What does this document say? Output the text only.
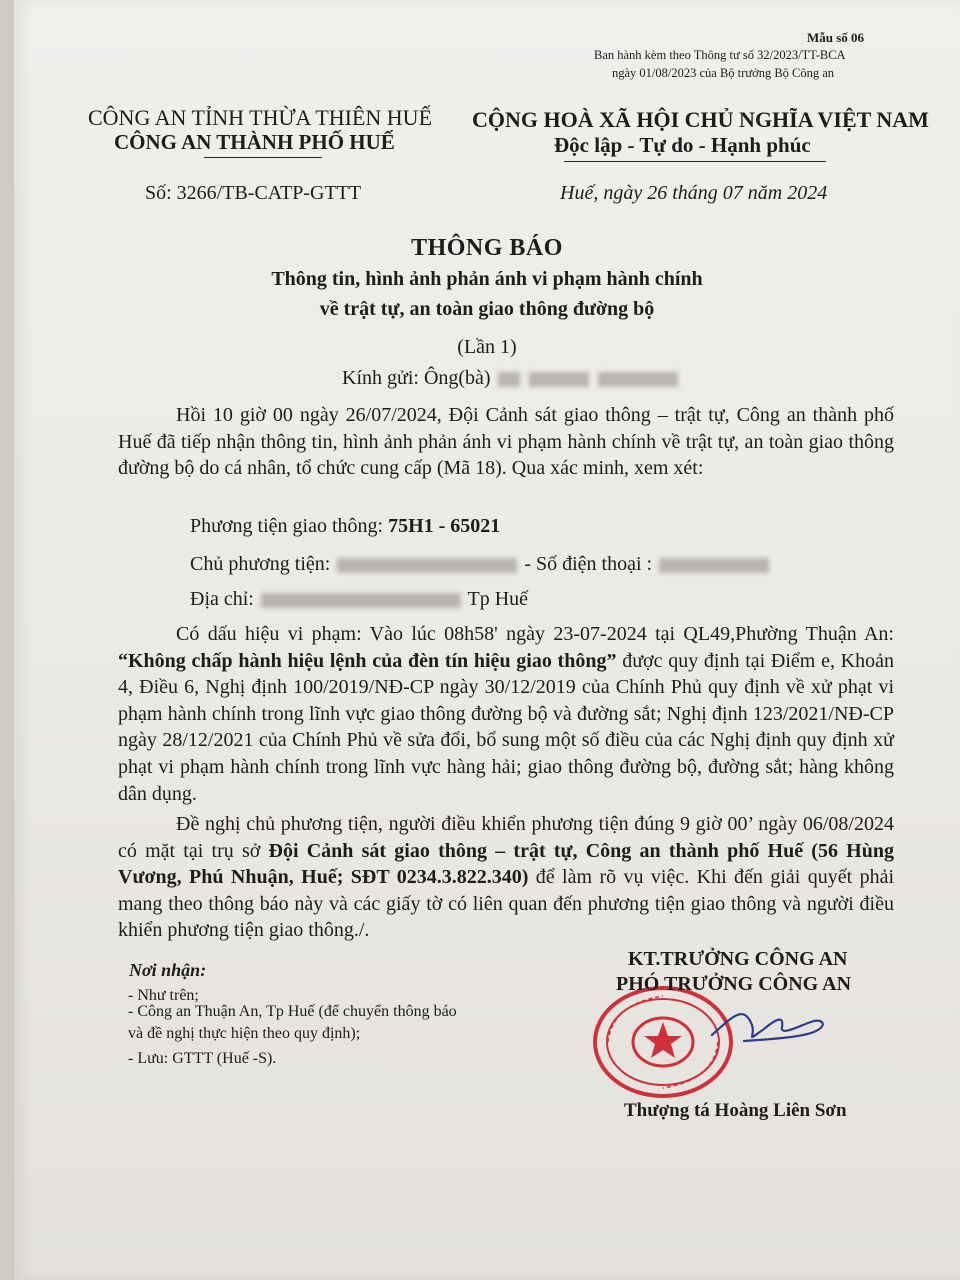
Mẫu số 06
Ban hành kèm theo Thông tư số 32/2023/TT-BCA
ngày 01/08/2023 của Bộ trưởng Bộ Công an
CÔNG AN TỈNH THỪA THIÊN HUẾ
CÔNG AN THÀNH PHỐ HUẾ
CỘNG HOÀ XÃ HỘI CHỦ NGHĨA VIỆT NAM
Độc lập - Tự do - Hạnh phúc
Số: 3266/TB-CATP-GTTT	Huế, ngày 26 tháng 07 năm 2024
THÔNG BÁO
Thông tin, hình ảnh phản ánh vi phạm hành chính
về trật tự, an toàn giao thông đường bộ
(Lần 1)
Kính gửi: Ông(bà)
Hồi 10 giờ 00 ngày 26/07/2024, Đội Cảnh sát giao thông – trật tự, Công an thành phố Huế đã tiếp nhận thông tin, hình ảnh phản ánh vi phạm hành chính về trật tự, an toàn giao thông đường bộ do cá nhân, tổ chức cung cấp (Mã 18). Qua xác minh, xem xét:
Phương tiện giao thông: 75H1 - 65021
Chủ phương tiện:	- Số điện thoại :
Địa chỉ:	Tp Huế
Có dấu hiệu vi phạm: Vào lúc 08h58' ngày 23-07-2024 tại QL49,Phường Thuận An: “Không chấp hành hiệu lệnh của đèn tín hiệu giao thông” được quy định tại Điểm e, Khoản 4, Điều 6, Nghị định 100/2019/NĐ-CP ngày 30/12/2019 của Chính Phủ quy định về xử phạt vi phạm hành chính trong lĩnh vực giao thông đường bộ và đường sắt; Nghị định 123/2021/NĐ-CP ngày 28/12/2021 của Chính Phủ về sửa đổi, bổ sung một số điều của các Nghị định quy định xử phạt vi phạm hành chính trong lĩnh vực hàng hải; giao thông đường bộ, đường sắt; hàng không dân dụng.
Đề nghị chủ phương tiện, người điều khiển phương tiện đúng 9 giờ 00’ ngày 06/08/2024 có mặt tại trụ sở Đội Cảnh sát giao thông – trật tự, Công an thành phố Huế (56 Hùng Vương, Phú Nhuận, Huế; SĐT 0234.3.822.340) để làm rõ vụ việc. Khi đến giải quyết phải mang theo thông báo này và các giấy tờ có liên quan đến phương tiện giao thông và người điều khiển phương tiện giao thông./.
Nơi nhận:
- Như trên;
- Công an Thuận An, Tp Huế (để chuyển thông báo
và đề nghị thực hiện theo quy định);
- Lưu: GTTT (Huế -S).
KT.TRƯỞNG CÔNG AN
PHÓ TRƯỞNG CÔNG AN
Thượng tá Hoàng Liên Sơn
